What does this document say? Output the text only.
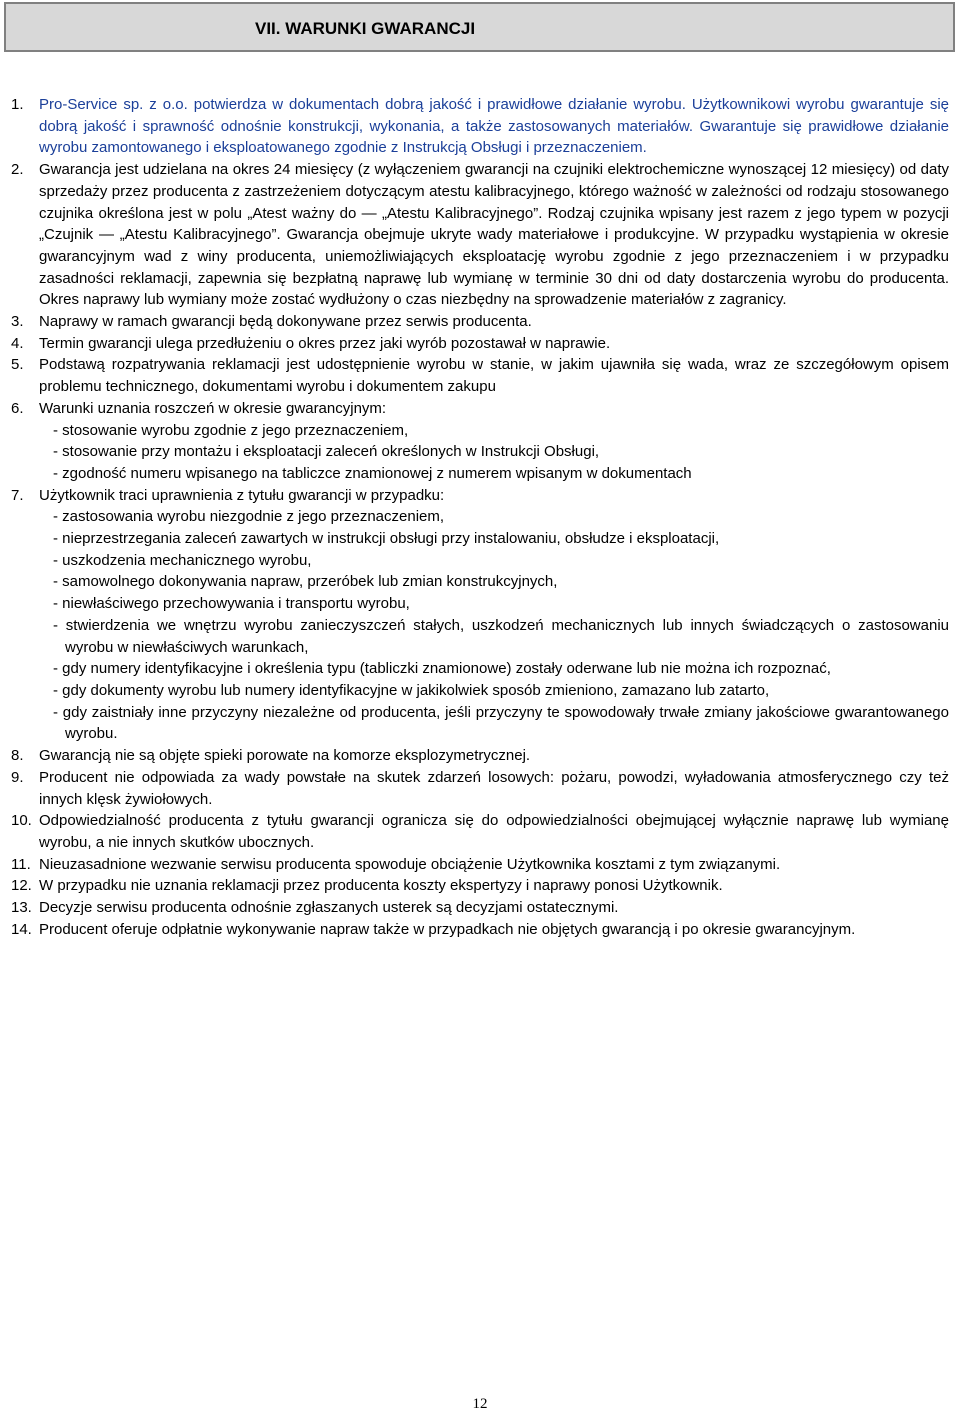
VII. WARUNKI GWARANCJI
1. Pro-Service sp. z o.o. potwierdza w dokumentach dobrą jakość i prawidłowe działanie wyrobu. Użytkownikowi wyrobu gwarantuje się dobrą jakość i sprawność odnośnie konstrukcji, wykonania, a także zastosowanych materiałów. Gwarantuje się prawidłowe działanie wyrobu zamontowanego i eksploatowanego zgodnie z Instrukcją Obsługi i przeznaczeniem.
2. Gwarancja jest udzielana na okres 24 miesięcy (z wyłączeniem gwarancji na czujniki elektrochemiczne wynoszącej 12 miesięcy) od daty sprzedaży przez producenta z zastrzeżeniem dotyczącym atestu kalibracyjnego, którego ważność w zależności od rodzaju stosowanego czujnika określona jest w polu „Atest ważny do — „Atestu Kalibracyjnego”. Rodzaj czujnika wpisany jest razem z jego typem w pozycji „Czujnik — „Atestu Kalibracyjnego”. Gwarancja obejmuje ukryte wady materiałowe i produkcyjne. W przypadku wystąpienia w okresie gwarancyjnym wad z winy producenta, uniemożliwiających eksploatację wyrobu zgodnie z jego przeznaczeniem i w przypadku zasadności reklamacji, zapewnia się bezpłatną naprawę lub wymianę w terminie 30 dni od daty dostarczenia wyrobu do producenta. Okres naprawy lub wymiany może zostać wydłużony o czas niezbędny na sprowadzenie materiałów z zagranicy.
3. Naprawy w ramach gwarancji będą dokonywane przez serwis producenta.
4. Termin gwarancji ulega przedłużeniu o okres przez jaki wyrób pozostawał w naprawie.
5. Podstawą rozpatrywania reklamacji jest udostępnienie wyrobu w stanie, w jakim ujawniła się wada, wraz ze szczegółowym opisem problemu technicznego, dokumentami wyrobu i dokumentem zakupu
6. Warunki uznania roszczeń w okresie gwarancyjnym:
- stosowanie wyrobu zgodnie z jego przeznaczeniem,
- stosowanie przy montażu i eksploatacji zaleceń określonych w Instrukcji Obsługi,
- zgodność numeru wpisanego na tabliczce znamionowej z numerem wpisanym w dokumentach
7. Użytkownik traci uprawnienia z tytułu gwarancji w przypadku:
- zastosowania wyrobu niezgodnie z jego przeznaczeniem,
- nieprzestrzegania zaleceń zawartych w instrukcji obsługi przy instalowaniu, obsłudze i eksploatacji,
- uszkodzenia mechanicznego wyrobu,
- samowolnego dokonywania napraw, przeróbek lub zmian konstrukcyjnych,
- niewłaściwego przechowywania i transportu wyrobu,
- stwierdzenia we wnętrzu wyrobu zanieczyszczeń stałych, uszkodzeń mechanicznych lub innych świadczących o zastosowaniu wyrobu w niewłaściwych warunkach,
- gdy numery identyfikacyjne i określenia typu (tabliczki znamionowe) zostały oderwane lub nie można ich rozpoznać,
- gdy dokumenty wyrobu lub numery identyfikacyjne w jakikolwiek sposób zmieniono, zamazano lub zatarto,
- gdy zaistniały inne przyczyny niezależne od producenta, jeśli przyczyny te spowodowały trwałe zmiany jakościowe gwarantowanego wyrobu.
8. Gwarancją nie są objęte spieki porowate na komorze eksplozymetrycznej.
9. Producent nie odpowiada za wady powstałe na skutek zdarzeń losowych: pożaru, powodzi, wyładowania atmosferycznego czy też innych klęsk żywiołowych.
10. Odpowiedzialność producenta z tytułu gwarancji ogranicza się do odpowiedzialności obejmującej wyłącznie naprawę lub wymianę wyrobu, a nie innych skutków ubocznych.
11. Nieuzasadnione wezwanie serwisu producenta spowoduje obciążenie Użytkownika kosztami z tym związanymi.
12. W przypadku nie uznania reklamacji przez producenta koszty ekspertyzy i naprawy ponosi Użytkownik.
13. Decyzje serwisu producenta odnośnie zgłaszanych usterek są decyzjami ostatecznymi.
14. Producent oferuje odpłatnie wykonywanie napraw także w przypadkach nie objętych gwarancją i po okresie gwarancyjnym.
12
